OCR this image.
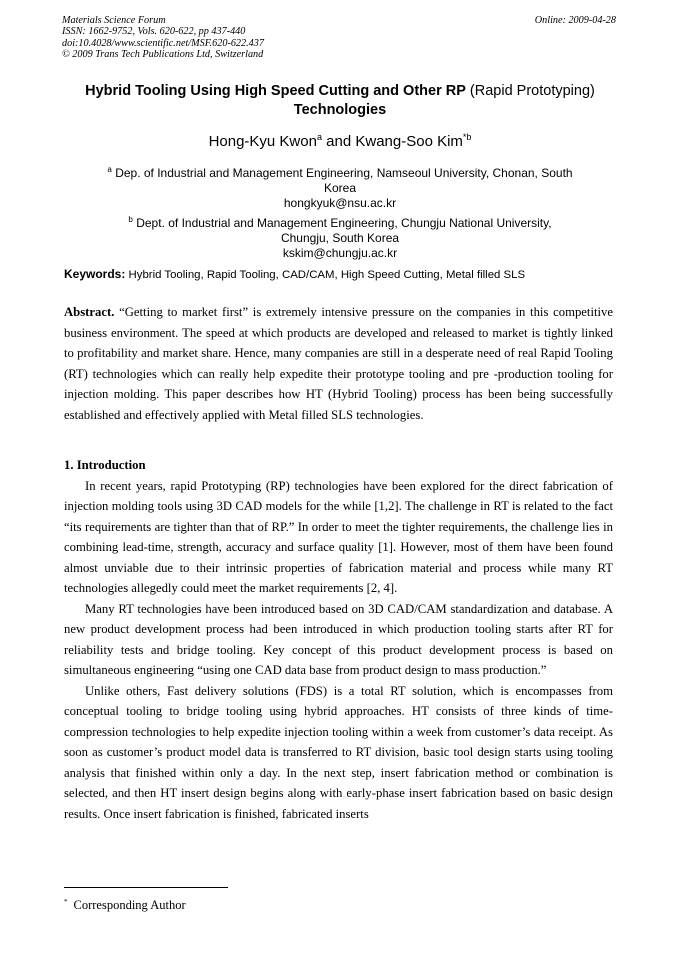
Materials Science Forum
ISSN: 1662-9752, Vols. 620-622, pp 437-440
doi:10.4028/www.scientific.net/MSF.620-622.437
© 2009 Trans Tech Publications Ltd, Switzerland
Online: 2009-04-28
Hybrid Tooling Using High Speed Cutting and Other RP (Rapid Prototyping)
Technologies
Hong-Kyu Kwon$^a$ and Kwang-Soo Kim$^{*b}$
$^a$ Dep. of Industrial and Management Engineering, Namseoul University, Chonan, South
Korea
hongkyuk@nsu.ac.kr
$^b$ Dept. of Industrial and Management Engineering, Chungju National University,
Chungju, South Korea
kskim@chungju.ac.kr
Keywords: Hybrid Tooling, Rapid Tooling, CAD/CAM, High Speed Cutting, Metal filled SLS

Abstract. “Getting to market first” is extremely intensive pressure on the companies in this competitive business environment. The speed at which products are developed and released to market is tightly linked to profitability and market share. Hence, many companies are still in a desperate need of real Rapid Tooling (RT) technologies which can really help expedite their prototype tooling and pre -production tooling for injection molding. This paper describes how HT (Hybrid Tooling) process has been being successfully established and effectively applied with Metal filled SLS technologies.

1. Introduction

In recent years, rapid Prototyping (RP) technologies have been explored for the direct fabrication of injection molding tools using 3D CAD models for the while [1,2]. The challenge in RT is related to the fact “its requirements are tighter than that of RP.” In order to meet the tighter requirements, the challenge lies in combining lead-time, strength, accuracy and surface quality [1]. However, most of them have been found almost unviable due to their intrinsic properties of fabrication material and process while many RT technologies allegedly could meet the market requirements [2, 4].

Many RT technologies have been introduced based on 3D CAD/CAM standardization and database. A new product development process had been introduced in which production tooling starts after RT for reliability tests and bridge tooling. Key concept of this product development process is based on simultaneous engineering “using one CAD data base from product design to mass production.”

Unlike others, Fast delivery solutions (FDS) is a total RT solution, which is encompasses from conceptual tooling to bridge tooling using hybrid approaches. HT consists of three kinds of time-compression technologies to help expedite injection tooling within a week from customer’s data receipt. As soon as customer’s product model data is transferred to RT division, basic tool design starts using tooling analysis that finished within only a day. In the next step, insert fabrication method or combination is selected, and then HT insert design begins along with early-phase insert fabrication based on basic design results. Once insert fabrication is finished, fabricated inserts

* Corresponding Author
